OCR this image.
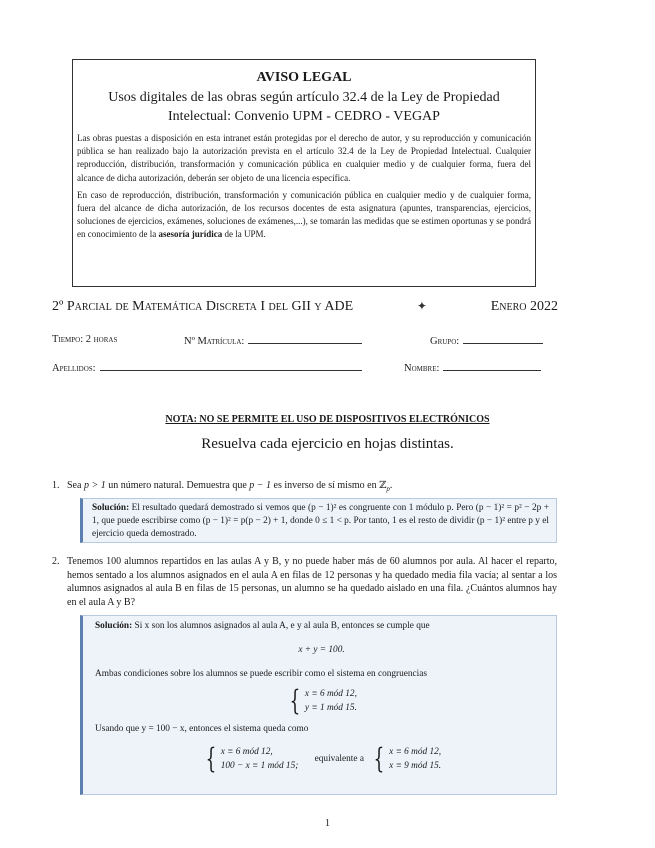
AVISO LEGAL
Usos digitales de las obras según artículo 32.4 de la Ley de Propiedad
Intelectual: Convenio UPM - CEDRO - VEGAP
Las obras puestas a disposición en esta intranet están protegidas por el derecho de autor, y su reproducción y comunicación pública se han realizado bajo la autorización prevista en el artículo 32.4 de la Ley de Propiedad Intelectual. Cualquier reproducción, distribución, transformación y comunicación pública en cualquier medio y de cualquier forma, fuera del alcance de dicha autorización, deberán ser objeto de una licencia específica.
En caso de reproducción, distribución, transformación y comunicación pública en cualquier medio y de cualquier forma, fuera del alcance de dicha autorización, de los recursos docentes de esta asignatura (apuntes, transparencias, ejercicios, soluciones de ejercicios, exámenes, soluciones de exámenes,...), se tomarán las medidas que se estimen oportunas y se pondrá en conocimiento de la asesoría jurídica de la UPM.
2º Parcial de Matemática Discreta I del GII y ADE	✦	Enero 2022
Tiempo: 2 horas	Nº Matrícula:	Grupo:
Apellidos:	Nombre:
NOTA: NO SE PERMITE EL USO DE DISPOSITIVOS ELECTRÓNICOS
Resuelva cada ejercicio en hojas distintas.
1. Sea p > 1 un número natural. Demuestra que p − 1 es inverso de sí mismo en ℤ$_p$.
Solución: El resultado quedará demostrado si vemos que (p − 1)² es congruente con 1 módulo p. Pero (p − 1)² = p² − 2p + 1, que puede escribirse como (p − 1)² = p(p − 2) + 1, donde 0 ≤ 1 < p. Por tanto, 1 es el resto de dividir (p − 1)² entre p y el ejercicio queda demostrado.
2. Tenemos 100 alumnos repartidos en las aulas A y B, y no puede haber más de 60 alumnos por aula. Al hacer el reparto, hemos sentado a los alumnos asignados en el aula A en filas de 12 personas y ha quedado media fila vacía; al sentar a los alumnos asignados al aula B en filas de 15 personas, un alumno se ha quedado aislado en una fila. ¿Cuántos alumnos hay en el aula A y B?
Solución: Si x son los alumnos asignados al aula A, e y al aula B, entonces se cumple que
x + y = 100.
Ambas condiciones sobre los alumnos se puede escribir como el sistema en congruencias
{ x ≡ 6 mód 12,
y ≡ 1 mód 15.
Usando que y = 100 − x, entonces el sistema queda como
{ x ≡ 6 mód 12,
100 − x ≡ 1 mód 15;
equivalente a { x ≡ 6 mód 12,
x ≡ 9 mód 15.
1
